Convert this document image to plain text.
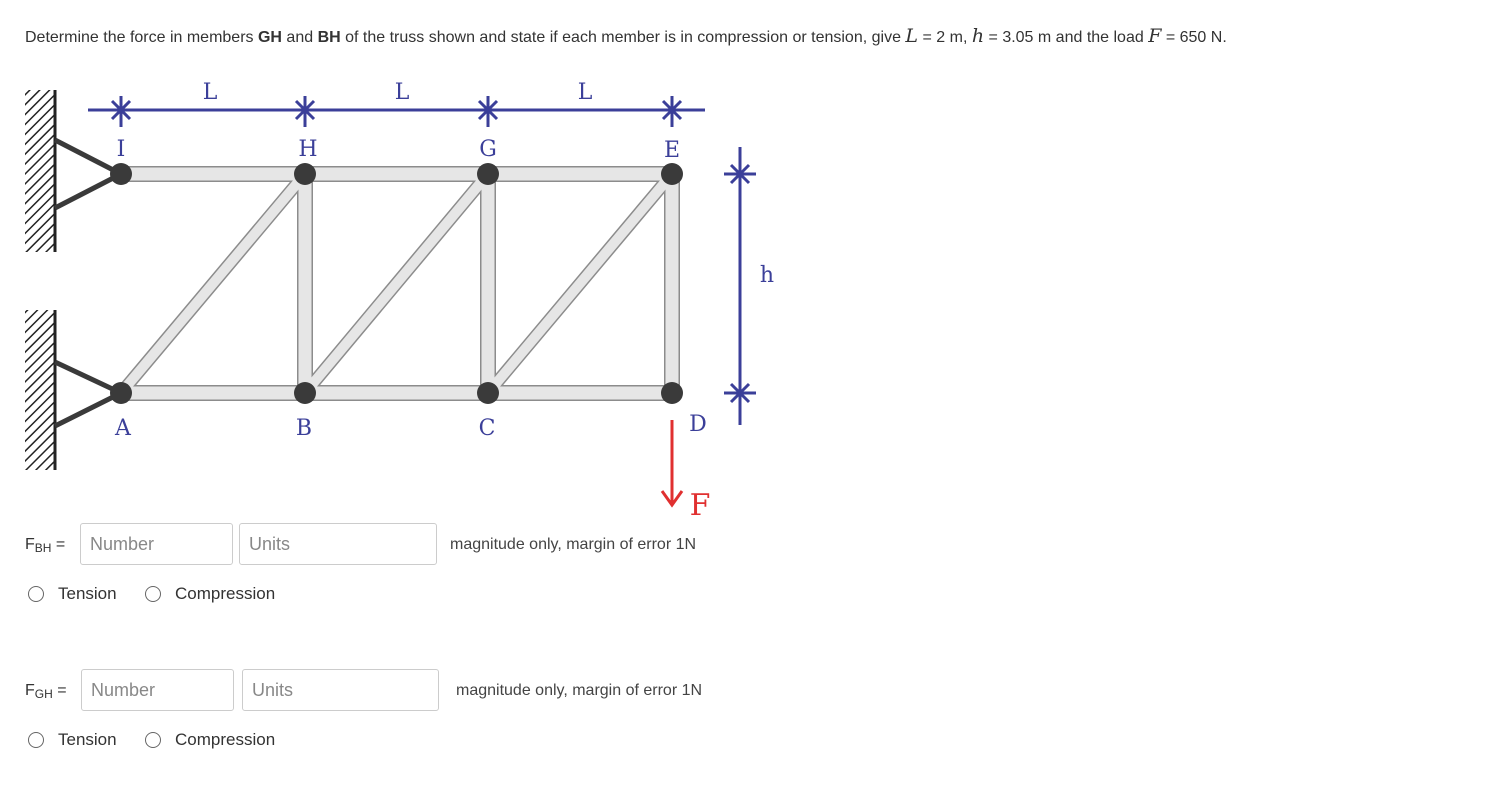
Determine the force in members GH and BH of the truss shown and state if each member is in compression or tension, give L = 2 m, h = 3.05 m and the load F = 650 N.
L	L	L
h
I	H	G	E
A	B	C	D
F
$F_{BH}$ =
Number
Units	magnitude only, margin of error 1N
Tension	Compression
$F_{GH}$ =
Number
Units	magnitude only, margin of error 1N
Tension	Compression
